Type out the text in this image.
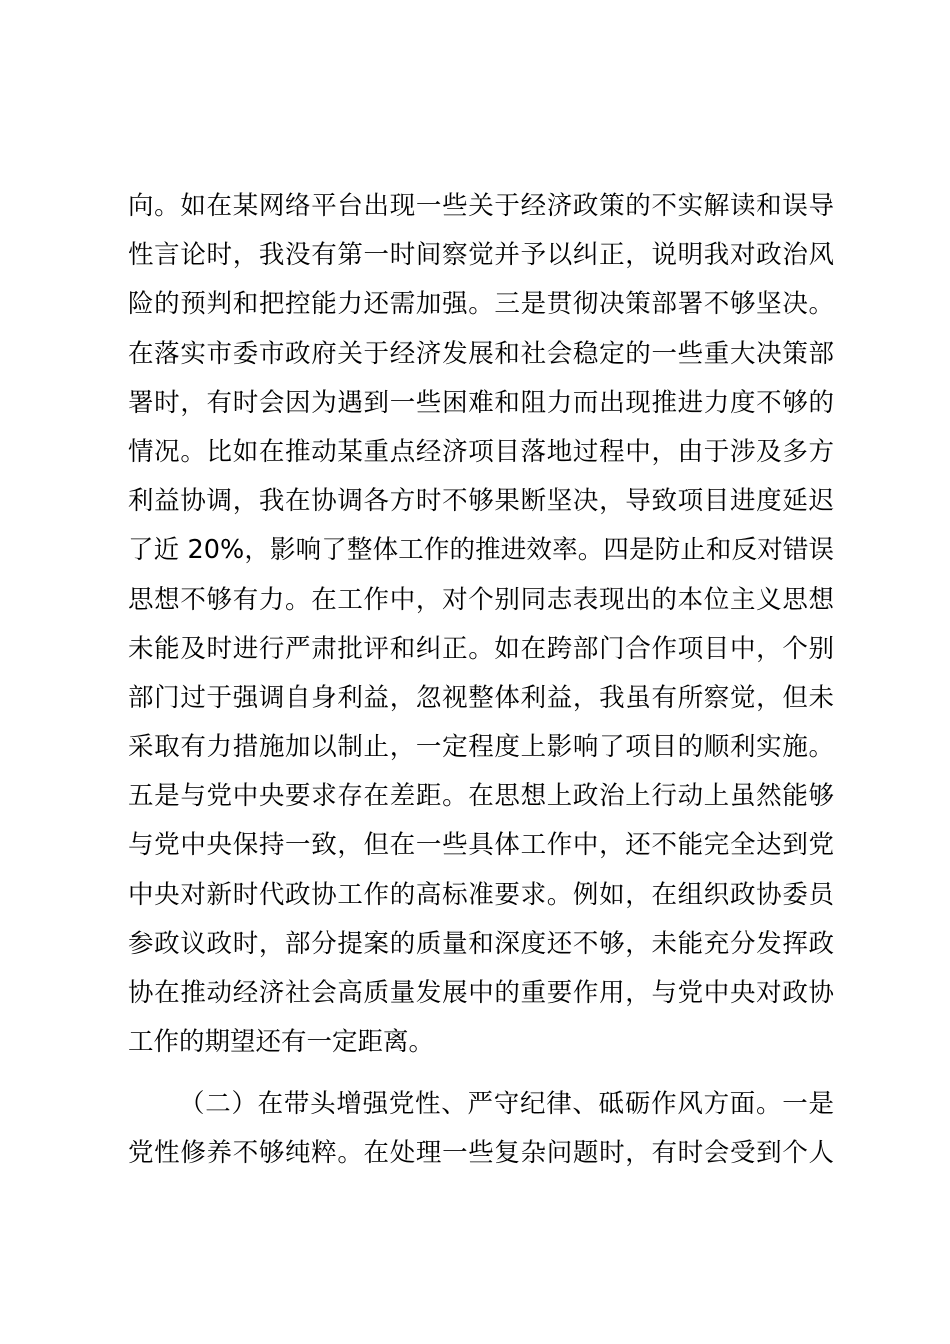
向。如在某网络平台出现一些关于经济政策的不实解读和误导
性言论时，我没有第一时间察觉并予以纠正，说明我对政治风
险的预判和把控能力还需加强。三是贯彻决策部署不够坚决。
在落实市委市政府关于经济发展和社会稳定的一些重大决策部
署时，有时会因为遇到一些困难和阻力而出现推进力度不够的
情况。比如在推动某重点经济项目落地过程中，由于涉及多方
利益协调，我在协调各方时不够果断坚决，导致项目进度延迟
了近 20%，影响了整体工作的推进效率。四是防止和反对错误
思想不够有力。在工作中，对个别同志表现出的本位主义思想
未能及时进行严肃批评和纠正。如在跨部门合作项目中，个别
部门过于强调自身利益，忽视整体利益，我虽有所察觉，但未
采取有力措施加以制止，一定程度上影响了项目的顺利实施。
五是与党中央要求存在差距。在思想上政治上行动上虽然能够
与党中央保持一致，但在一些具体工作中，还不能完全达到党
中央对新时代政协工作的高标准要求。例如，在组织政协委员
参政议政时，部分提案的质量和深度还不够，未能充分发挥政
协在推动经济社会高质量发展中的重要作用，与党中央对政协
工作的期望还有一定距离。
（二）在带头增强党性、严守纪律、砥砺作风方面。一是
党性修养不够纯粹。在处理一些复杂问题时，有时会受到个人
